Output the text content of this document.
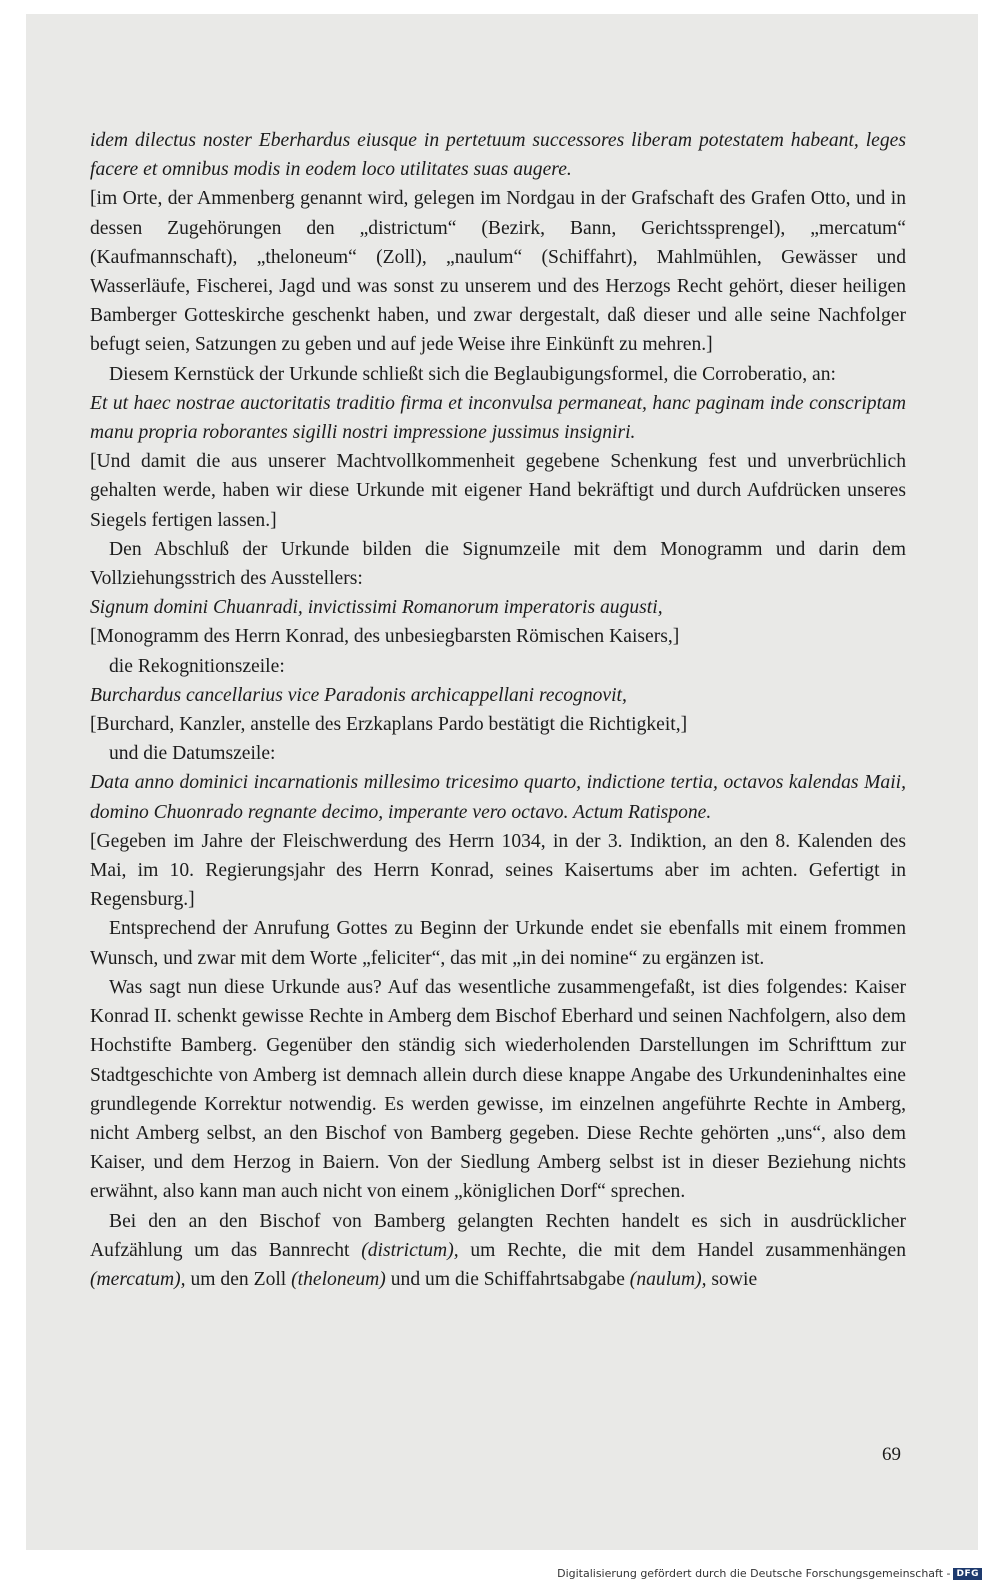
idem dilectus noster Eberhardus eiusque in pertetuum successores liberam potestatem habeant, leges facere et omnibus modis in eodem loco utilitates suas augere.

[im Orte, der Ammenberg genannt wird, gelegen im Nordgau in der Grafschaft des Grafen Otto, und in dessen Zugehörungen den „districtum“ (Bezirk, Bann, Gerichtssprengel), „mercatum“ (Kaufmannschaft), „theloneum“ (Zoll), „naulum“ (Schiffahrt), Mahlmühlen, Gewässer und Wasserläufe, Fischerei, Jagd und was sonst zu unserem und des Herzogs Recht gehört, dieser heiligen Bamberger Gotteskirche geschenkt haben, und zwar dergestalt, daß dieser und alle seine Nachfolger befugt seien, Satzungen zu geben und auf jede Weise ihre Einkünft zu mehren.]

Diesem Kernstück der Urkunde schließt sich die Beglaubigungsformel, die Corroberatio, an:

Et ut haec nostrae auctoritatis traditio firma et inconvulsa permaneat, hanc paginam inde conscriptam manu propria roborantes sigilli nostri impressione jussimus insigniri.

[Und damit die aus unserer Machtvollkommenheit gegebene Schenkung fest und unverbrüchlich gehalten werde, haben wir diese Urkunde mit eigener Hand bekräftigt und durch Aufdrücken unseres Siegels fertigen lassen.]

Den Abschluß der Urkunde bilden die Signumzeile mit dem Monogramm und darin dem Vollziehungsstrich des Ausstellers:

Signum domini Chuanradi, invictissimi Romanorum imperatoris augusti,

[Monogramm des Herrn Konrad, des unbesiegbarsten Römischen Kaisers,]

die Rekognitionszeile:

Burchardus cancellarius vice Paradonis archicappellani recognovit,

[Burchard, Kanzler, anstelle des Erzkaplans Pardo bestätigt die Richtigkeit,]

und die Datumszeile:

Data anno dominici incarnationis millesimo tricesimo quarto, indictione tertia, octavos kalendas Maii, domino Chuonrado regnante decimo, imperante vero octavo. Actum Ratispone.

[Gegeben im Jahre der Fleischwerdung des Herrn 1034, in der 3. Indiktion, an den 8. Kalenden des Mai, im 10. Regierungsjahr des Herrn Konrad, seines Kaisertums aber im achten. Gefertigt in Regensburg.]

Entsprechend der Anrufung Gottes zu Beginn der Urkunde endet sie ebenfalls mit einem frommen Wunsch, und zwar mit dem Worte „feliciter“, das mit „in dei nomine“ zu ergänzen ist.

Was sagt nun diese Urkunde aus? Auf das wesentliche zusammengefaßt, ist dies folgendes: Kaiser Konrad II. schenkt gewisse Rechte in Amberg dem Bischof Eberhard und seinen Nachfolgern, also dem Hochstifte Bamberg. Gegenüber den ständig sich wiederholenden Darstellungen im Schrifttum zur Stadtgeschichte von Amberg ist demnach allein durch diese knappe Angabe des Urkundeninhaltes eine grundlegende Korrektur notwendig. Es werden gewisse, im einzelnen angeführte Rechte in Amberg, nicht Amberg selbst, an den Bischof von Bamberg gegeben. Diese Rechte gehörten „uns“, also dem Kaiser, und dem Herzog in Baiern. Von der Siedlung Amberg selbst ist in dieser Beziehung nichts erwähnt, also kann man auch nicht von einem „königlichen Dorf“ sprechen.

Bei den an den Bischof von Bamberg gelangten Rechten handelt es sich in ausdrücklicher Aufzählung um das Bannrecht (districtum), um Rechte, die mit dem Handel zusammenhängen (mercatum), um den Zoll (theloneum) und um die Schiffahrtsabgabe (naulum), sowie

69
Digitalisierung gefördert durch die Deutsche Forschungsgemeinschaft - DFG
